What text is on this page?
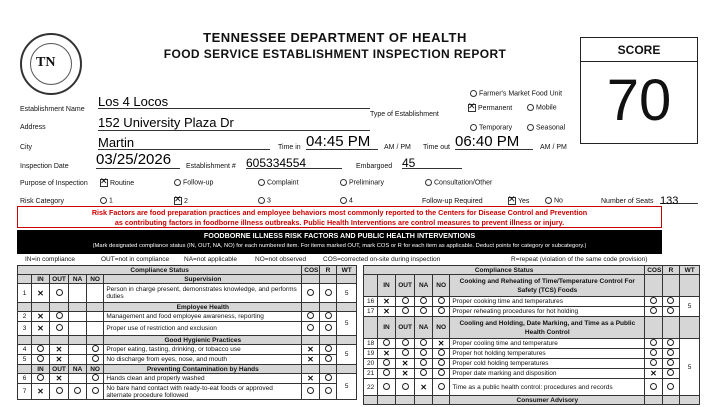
TN
TENNESSEE DEPARTMENT OF HEALTH
FOOD SERVICE ESTABLISHMENT INSPECTION REPORT	SCORE
70
Farmer's Market Food Unit
✕Permanent	Mobile
Type of Establishment
Temporary	Seasonal
Establishment Name
Los 4 Locos
Address	152 University Plaza Dr
City	Martin	Time in 04:45 PM	AM / PM Time out 06:40 PM	AM / PM
Inspection Date 03/25/2026	Establishment # 605334554	Embargoed 45
Purpose of Inspection ✕	Routine	Follow-up	Complaint	Preliminary	Consultation/Other
Risk Category	1 ✕	2	3	4	Follow-up Required ✕	Yes	No	Number of Seats 133
Risk Factors are food preparation practices and employee behaviors most commonly reported to the Centers for Disease Control and Prevention
as contributing factors in foodborne illness outbreaks. Public Health Interventions are control measures to prevent illness or injury.
FOODBORNE ILLNESS RISK FACTORS AND PUBLIC HEALTH INTERVENTIONS
(Mark designated compliance status (IN, OUT, NA, NO) for each numbered item. For items marked OUT, mark COS or R for each item as applicable. Deduct points for category or subcategory.)
IN=in compliance	OUT=not in compliance NA=not applicable	NO=not observed	COS=corrected on-site during inspection	R=repeat (violation of the same code provision)
Compliance Status						COS	R	WT
	IN	OUT	NA	NO	Supervision			
1	✕				Person in charge present, demonstrates knowledge, and performs duties			5
					Employee Health			
2	✕				Management and food employee awareness, reporting			5
3	✕				Proper use of restriction and exclusion			
					Good Hygienic Practices			
4		✕			Proper eating, tasting, drinking, or tobacco use	✕		5
5		✕			No discharge from eyes, nose, and mouth	✕		
	IN	OUT	NA	NO	Preventing Contamination by Hands			
6		✕			Hands clean and properly washed	✕		5
7	✕				No bare hand contact with ready-to-eat foods or approved alternate procedure followed			
Compliance Status						COS	R	WT
	IN	OUT	NA	NO	Cooking and Reheating of Time/Temperature Control For Safety (TCS) Foods			
16	✕				Proper cooking time and temperatures			5
17	✕				Proper reheating procedures for hot holding			
	IN	OUT	NA	NO	Cooling and Holding, Date Marking, and Time as a Public Health Control			
18				✕	Proper cooling time and temperature			5
19	✕				Proper hot holding temperatures			
20		✕			Proper cold holding temperatures			
21		✕			Proper date marking and disposition	✕		
22			✕		Time as a public health control: procedures and records			
					Consumer Advisory			
